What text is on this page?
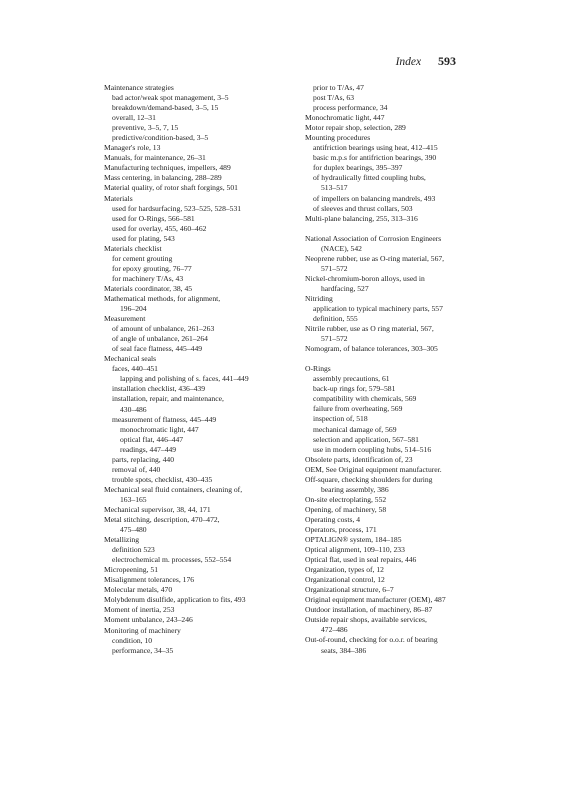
Index 593
Maintenance strategies
bad actor/weak spot management, 3–5
breakdown/demand-based, 3–5, 15
overall, 12–31
preventive, 3–5, 7, 15
predictive/condition-based, 3–5
Manager's role, 13
Manuals, for maintenance, 26–31
Manufacturing techniques, impellers, 489
Mass centering, in balancing, 288–289
Material quality, of rotor shaft forgings, 501
Materials
used for hardsurfacing, 523–525, 528–531
used for O-Rings, 566–581
used for overlay, 455, 460–462
used for plating, 543
Materials checklist
for cement grouting
for epoxy grouting, 76–77
for machinery T/As, 43
Materials coordinator, 38, 45
Mathematical methods, for alignment,
196–204
Measurement
of amount of unbalance, 261–263
of angle of unbalance, 261–264
of seal face flatness, 445–449
Mechanical seals
faces, 440–451
lapping and polishing of s. faces, 441–449
installation checklist, 436–439
installation, repair, and maintenance,
430–486
measurement of flatness, 445–449
monochromatic light, 447
optical flat, 446–447
readings, 447–449
parts, replacing, 440
removal of, 440
trouble spots, checklist, 430–435
Mechanical seal fluid containers, cleaning of,
163–165
Mechanical supervisor, 38, 44, 171
Metal stitching, description, 470–472,
475–480
Metallizing
definition 523
electrochemical m. processes, 552–554
Micropeening, 51
Misalignment tolerances, 176
Molecular metals, 470
Molybdenum disulfide, application to fits, 493
Moment of inertia, 253
Moment unbalance, 243–246
Monitoring of machinery
condition, 10
performance, 34–35
prior to T/As, 47
post T/As, 63
process performance, 34
Monochromatic light, 447
Motor repair shop, selection, 289
Mounting procedures
antifriction bearings using heat, 412–415
basic m.p.s for antifriction bearings, 390
for duplex bearings, 395–397
of hydraulically fitted coupling hubs,
513–517
of impellers on balancing mandrels, 493
of sleeves and thrust collars, 503
Multi-plane balancing, 255, 313–316
National Association of Corrosion Engineers
(NACE), 542
Neoprene rubber, use as O-ring material, 567,
571–572
Nickel-chromium-boron alloys, used in
hardfacing, 527
Nitriding
application to typical machinery parts, 557
definition, 555
Nitrile rubber, use as O ring material, 567,
571–572
Nomogram, of balance tolerances, 303–305
O-Rings
assembly precautions, 61
back-up rings for, 579–581
compatibility with chemicals, 569
failure from overheating, 569
inspection of, 518
mechanical damage of, 569
selection and application, 567–581
use in modern coupling hubs, 514–516
Obsolete parts, identification of, 23
OEM, See Original equipment manufacturer.
Off-square, checking shoulders for during
bearing assembly, 386
On-site electroplating, 552
Opening, of machinery, 58
Operating costs, 4
Operators, process, 171
OPTALIGN® system, 184–185
Optical alignment, 109–110, 233
Optical flat, used in seal repairs, 446
Organization, types of, 12
Organizational control, 12
Organizational structure, 6–7
Original equipment manufacturer (OEM), 487
Outdoor installation, of machinery, 86–87
Outside repair shops, available services,
472–486
Out-of-round, checking for o.o.r. of bearing
seats, 384–386
